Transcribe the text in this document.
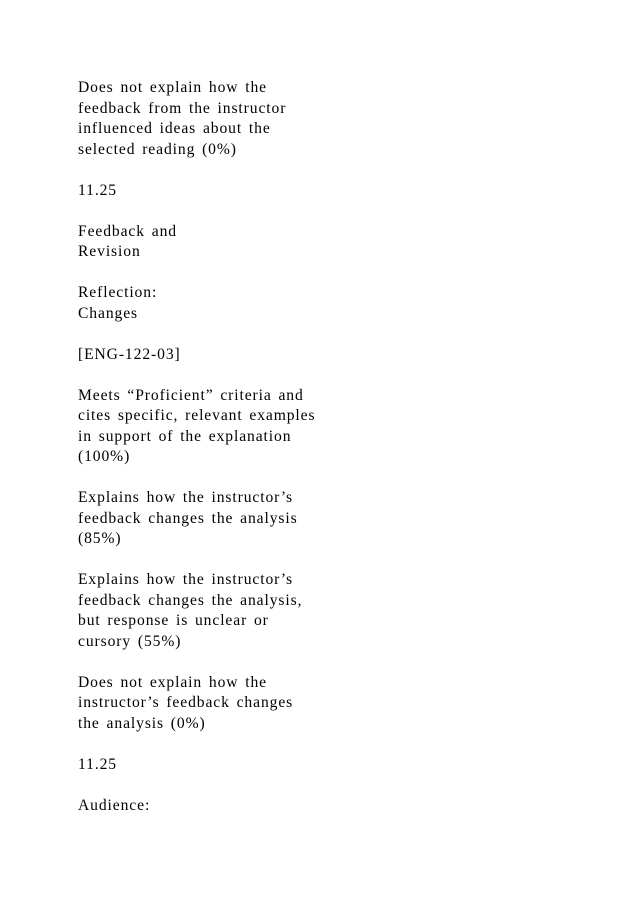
Does not explain how the
feedback from the instructor
influenced ideas about the
selected reading (0%)
11.25
Feedback and
Revision
Reflection:
Changes
[ENG-122-03]
Meets “Proficient” criteria and
cites specific, relevant examples
in support of the explanation
(100%)
Explains how the instructor’s
feedback changes the analysis
(85%)
Explains how the instructor’s
feedback changes the analysis,
but response is unclear or
cursory (55%)
Does not explain how the
instructor’s feedback changes
the analysis (0%)
11.25
Audience:
